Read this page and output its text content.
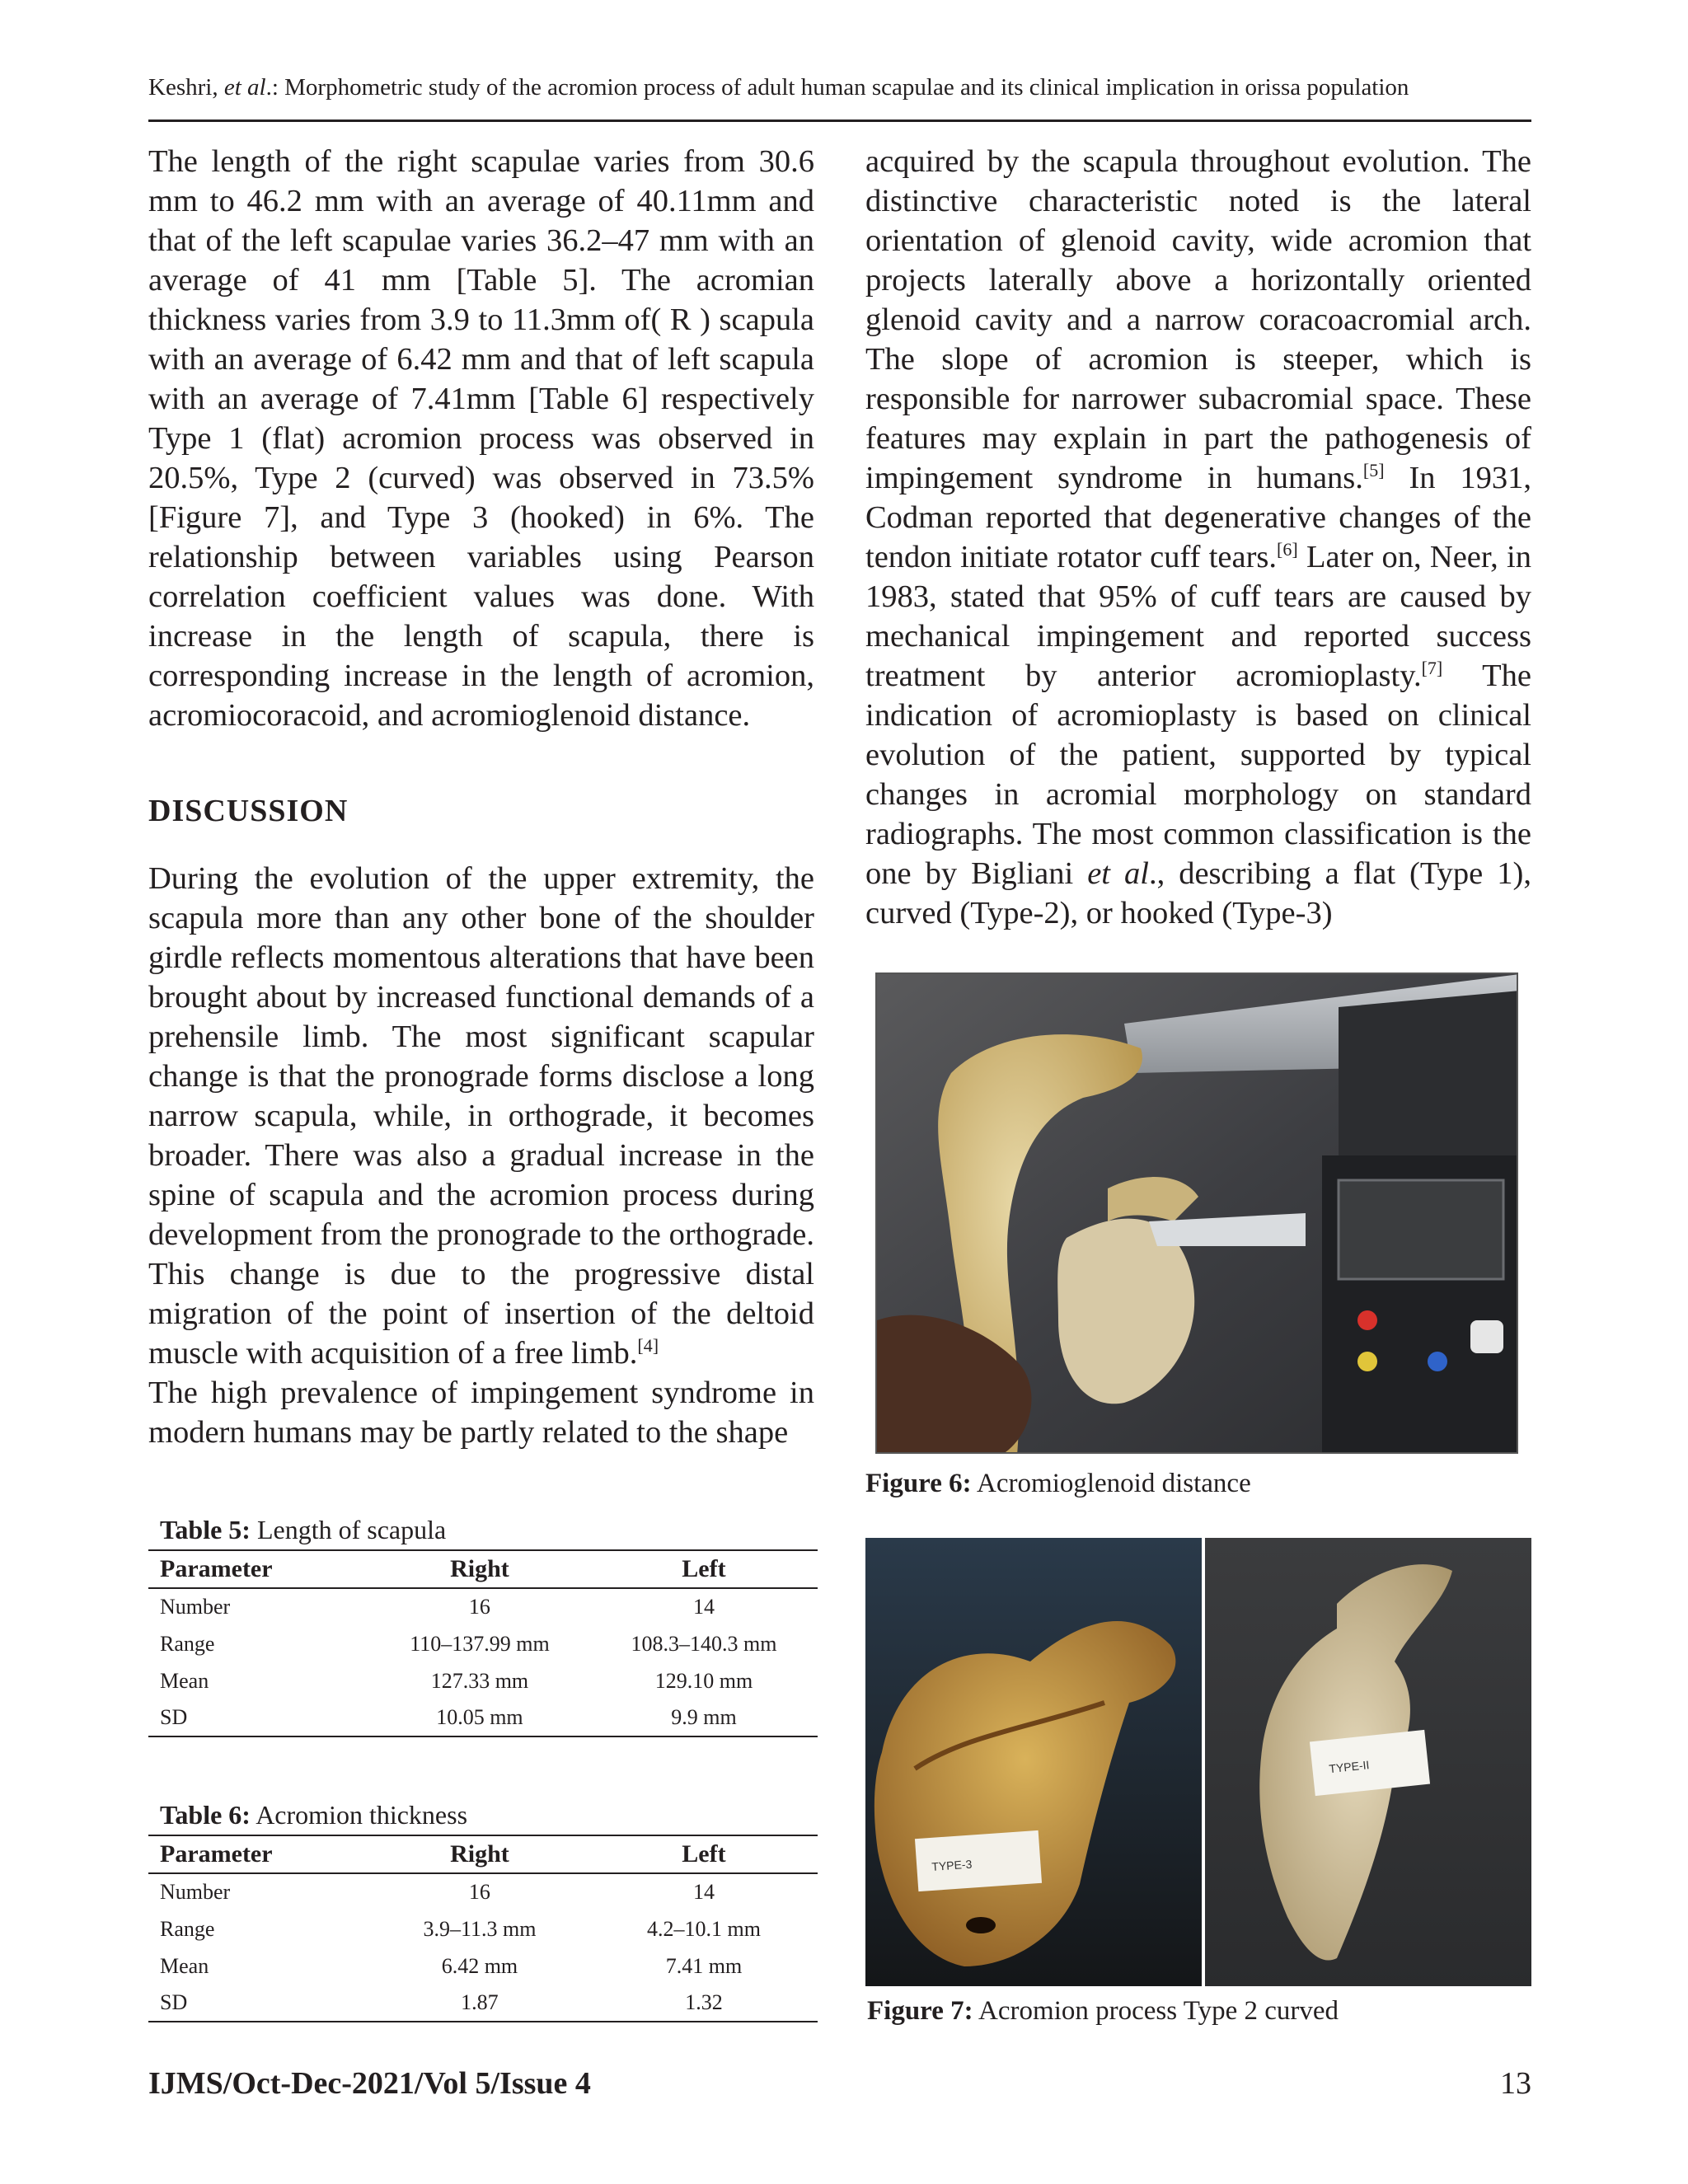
Keshri, et al.: Morphometric study of the acromion process of adult human scapulae and its clinical implication in orissa population

The length of the right scapulae varies from 30.6 mm to 46.2 mm with an average of 40.11mm and that of the left scapulae varies 36.2–47 mm with an average of 41 mm [Table 5]. The acromian thickness varies from 3.9 to 11.3mm of( R ) scapula with an average of 6.42 mm and that of left scapula with an average of 7.41mm [Table 6] respectively Type 1 (flat) acromion process was observed in 20.5%, Type 2 (curved) was observed in 73.5% [Figure 7], and Type 3 (hooked) in 6%. The relationship between variables using Pearson correlation coefficient values was done. With increase in the length of scapula, there is corresponding increase in the length of acromion, acromiocoracoid, and acromioglenoid distance.

DISCUSSION

During the evolution of the upper extremity, the scapula more than any other bone of the shoulder girdle reflects momentous alterations that have been brought about by increased functional demands of a prehensile limb. The most significant scapular change is that the pronograde forms disclose a long narrow scapula, while, in orthograde, it becomes broader. There was also a gradual increase in the spine of scapula and the acromion process during development from the pronograde to the orthograde. This change is due to the progressive distal migration of the point of insertion of the deltoid muscle with acquisition of a free limb.[4]

The high prevalence of impingement syndrome in modern humans may be partly related to the shape

acquired by the scapula throughout evolution. The distinctive characteristic noted is the lateral orientation of glenoid cavity, wide acromion that projects laterally above a horizontally oriented glenoid cavity and a narrow coracoacromial arch. The slope of acromion is steeper, which is responsible for narrower subacromial space. These features may explain in part the pathogenesis of impingement syndrome in humans.[5] In 1931, Codman reported that degenerative changes of the tendon initiate rotator cuff tears.[6] Later on, Neer, in 1983, stated that 95% of cuff tears are caused by mechanical impingement and reported success treatment by anterior acromioplasty.[7] The indication of acromioplasty is based on clinical evolution of the patient, supported by typical changes in acromial morphology on standard radiographs. The most common classification is the one by Bigliani et al., describing a flat (Type 1), curved (Type-2), or hooked (Type-3)

Figure 6: Acromioglenoid distance
TYPE-3
TYPE-II
Figure 7: Acromion process Type 2 curved
Table 5: Length of scapula
Parameter	Right	Left
Number	16	14
Range	110–137.99 mm	108.3–140.3 mm
Mean	127.33 mm	129.10 mm
SD	10.05 mm	9.9 mm
Table 6: Acromion thickness
Parameter	Right	Left
Number	16	14
Range	3.9–11.3 mm	4.2–10.1 mm
Mean	6.42 mm	7.41 mm
SD	1.87	1.32
IJMS/Oct-Dec-2021/Vol 5/Issue 4	13
